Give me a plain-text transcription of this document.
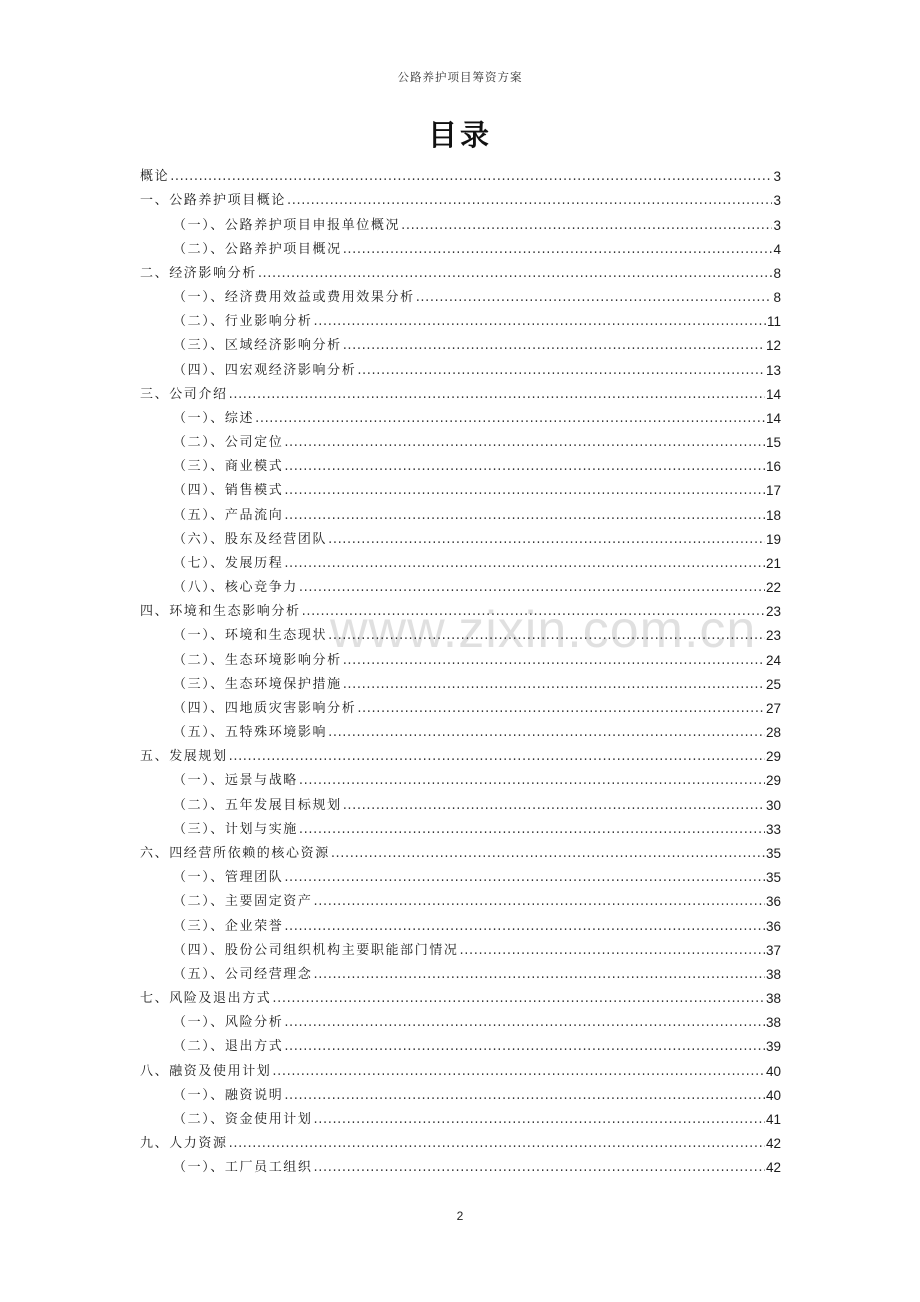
公路养护项目筹资方案
目录
概论 .....	3
一、公路养护项目概论 .....	3
（一）、公路养护项目申报单位概况 .....	3
（二）、公路养护项目概况 .....	4
二、经济影响分析 .....	8
（一）、经济费用效益或费用效果分析 .....	8
（二）、行业影响分析 .....	11
（三）、区域经济影响分析 .....	12
（四）、四宏观经济影响分析 .....	13
三、公司介绍 .....	14
（一）、综述 .....	14
（二）、公司定位 .....	15
（三）、商业模式 .....	16
（四）、销售模式 .....	17
（五）、产品流向 .....	18
（六）、股东及经营团队 .....	19
（七）、发展历程 .....	21
（八）、核心竞争力 .....	22
四、环境和生态影响分析 .....	23
（一）、环境和生态现状 .....	23
（二）、生态环境影响分析 .....	24
（三）、生态环境保护措施 .....	25
（四）、四地质灾害影响分析 .....	27
（五）、五特殊环境影响 .....	28
五、发展规划 .....	29
（一）、远景与战略 .....	29
（二）、五年发展目标规划 .....	30
（三）、计划与实施 .....	33
六、四经营所依赖的核心资源 .....	35
（一）、管理团队 .....	35
（二）、主要固定资产 .....	36
（三）、企业荣誉 .....	36
（四）、股份公司组织机构主要职能部门情况 .....	37
（五）、公司经营理念 .....	38
七、风险及退出方式 .....	38
（一）、风险分析 .....	38
（二）、退出方式 .....	39
八、融资及使用计划 .....	40
（一）、融资说明 .....	40
（二）、资金使用计划 .....	41
九、人力资源 .....	42
（一）、工厂员工组织 .....	42
www.zixin.com.cn
2
